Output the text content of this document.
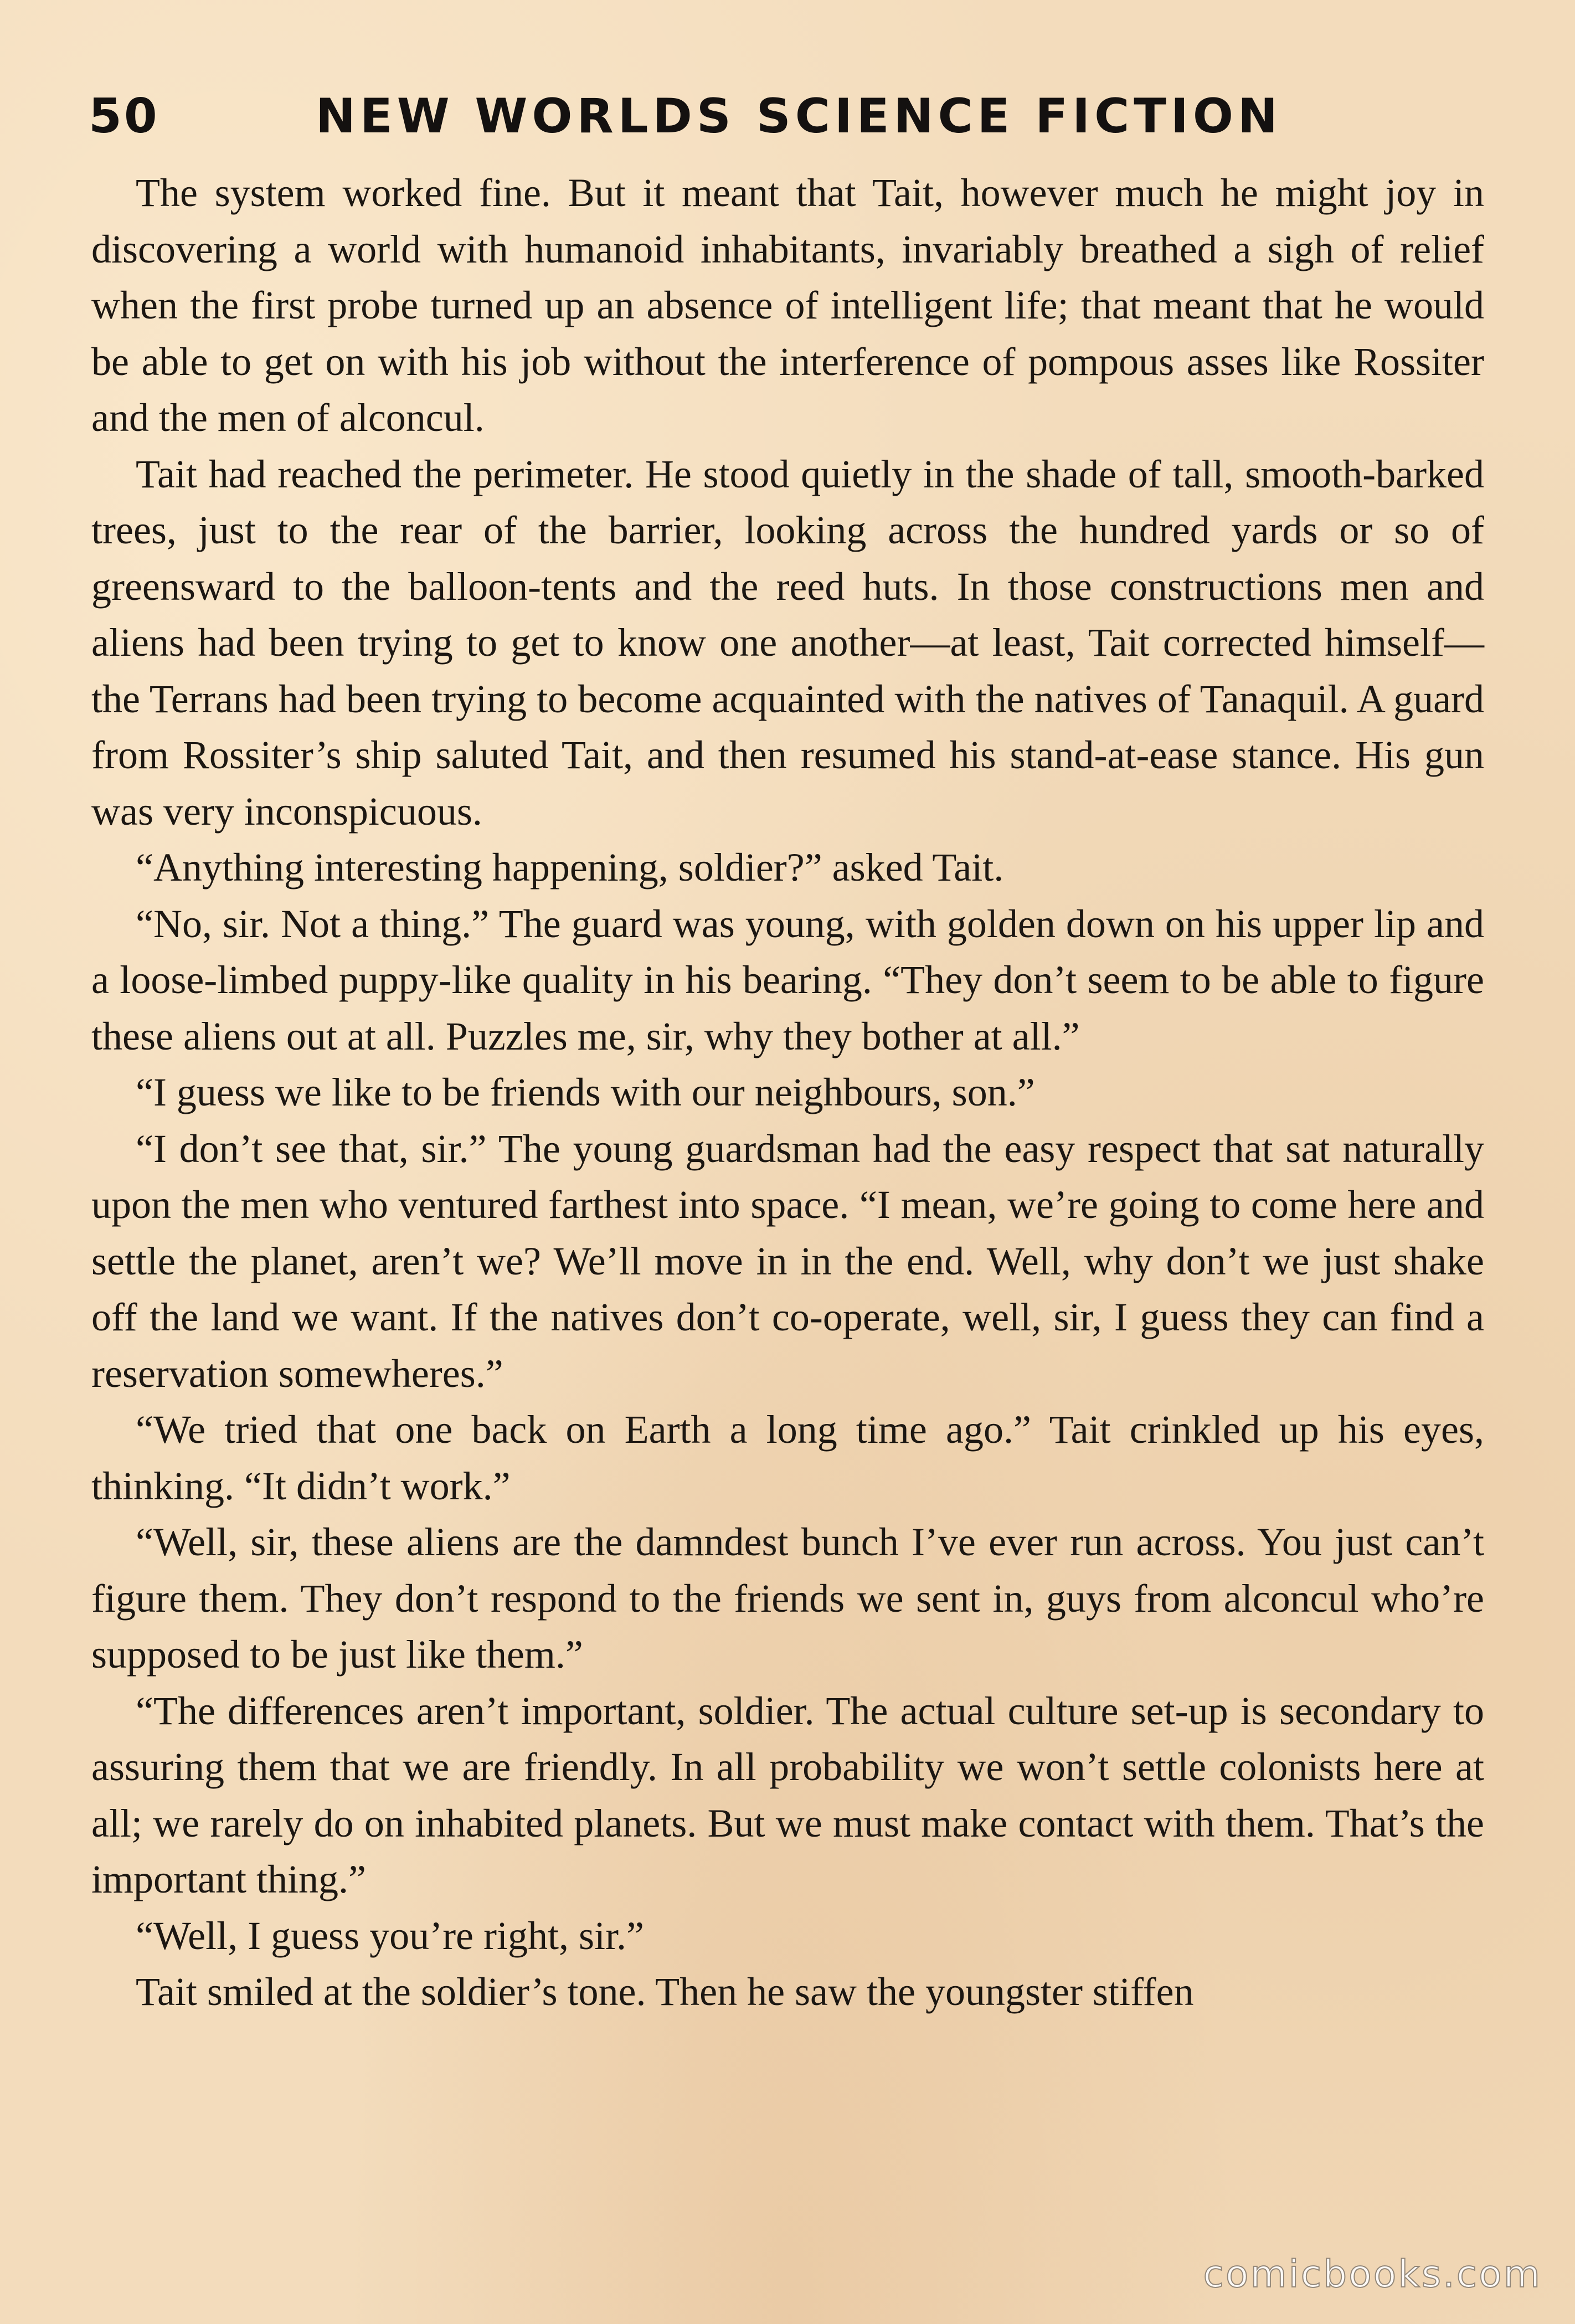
50	NEW WORLDS SCIENCE FICTION

The system worked fine. But it meant that Tait, however much he might joy in discovering a world with humanoid inhabitants, invariably breathed a sigh of relief when the first probe turned up an absence of intelligent life; that meant that he would be able to get on with his job without the interference of pompous asses like Rossiter and the men of alconcul.

Tait had reached the perimeter. He stood quietly in the shade of tall, smooth-barked trees, just to the rear of the barrier, looking across the hundred yards or so of greensward to the balloon-tents and the reed huts. In those constructions men and aliens had been trying to get to know one another—at least, Tait corrected himself—the Terrans had been trying to become acquainted with the natives of Tanaquil. A guard from Rossiter’s ship saluted Tait, and then resumed his stand-at-ease stance. His gun was very inconspicuous.

“Anything interesting happening, soldier?” asked Tait.

“No, sir. Not a thing.” The guard was young, with golden down on his upper lip and a loose-limbed puppy-like quality in his bearing. “They don’t seem to be able to figure these aliens out at all. Puzzles me, sir, why they bother at all.”

“I guess we like to be friends with our neighbours, son.”

“I don’t see that, sir.” The young guardsman had the easy respect that sat naturally upon the men who ventured farthest into space. “I mean, we’re going to come here and settle the planet, aren’t we? We’ll move in in the end. Well, why don’t we just shake off the land we want. If the natives don’t co-operate, well, sir, I guess they can find a reservation somewheres.”

“We tried that one back on Earth a long time ago.” Tait crinkled up his eyes, thinking. “It didn’t work.”

“Well, sir, these aliens are the damndest bunch I’ve ever run across. You just can’t figure them. They don’t respond to the friends we sent in, guys from alconcul who’re supposed to be just like them.”

“The differences aren’t important, soldier. The actual culture set-up is secondary to assuring them that we are friendly. In all probability we won’t settle colonists here at all; we rarely do on inhabited planets. But we must make contact with them. That’s the important thing.”

“Well, I guess you’re right, sir.”

Tait smiled at the soldier’s tone. Then he saw the youngster stiffen

comicbooks.com
